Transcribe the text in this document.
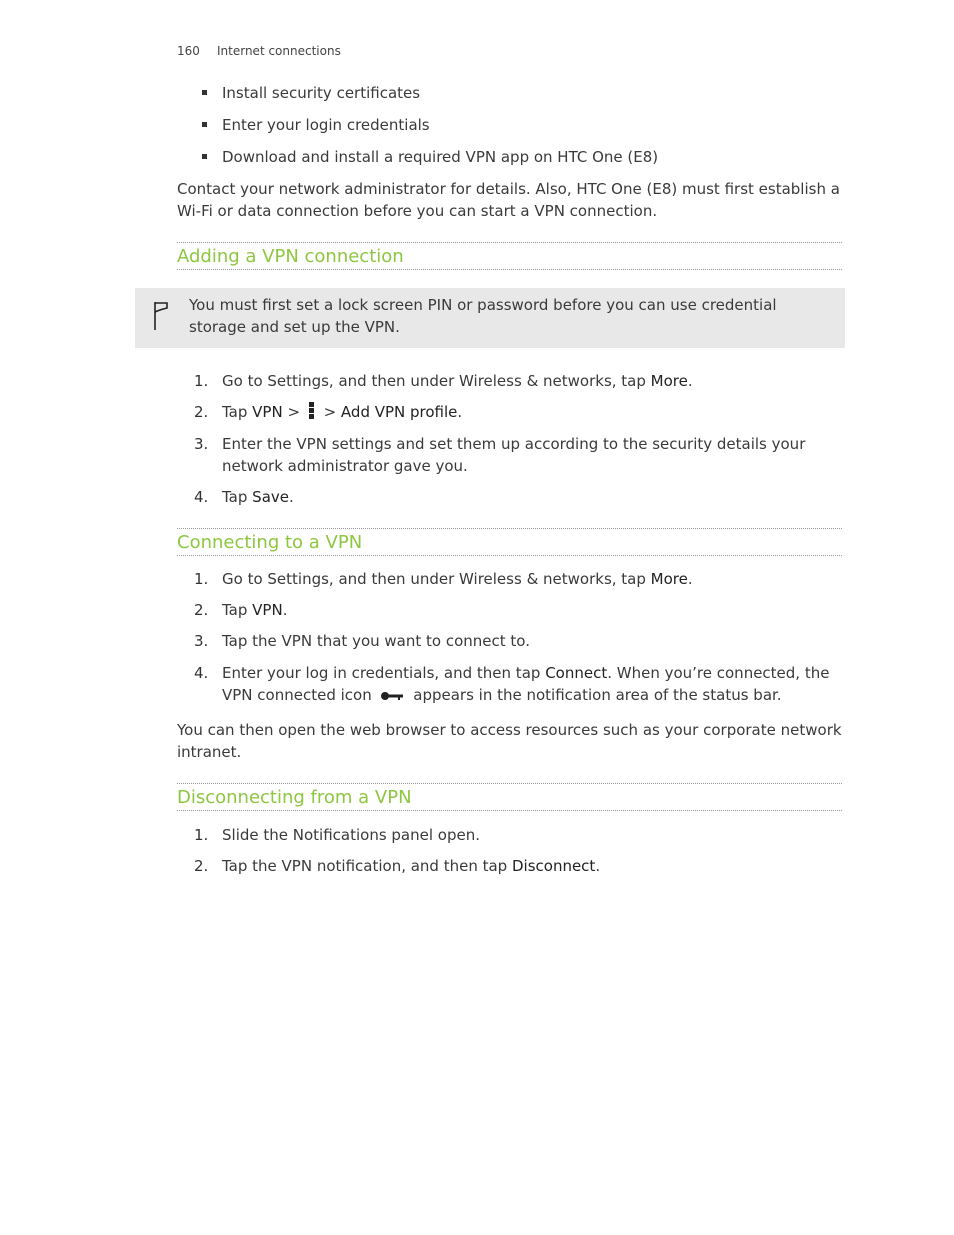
160 Internet connections
Install security certificates
Enter your login credentials
Download and install a required VPN app on HTC One (E8)

Contact your network administrator for details. Also, HTC One (E8) must first establish a Wi-Fi or data connection before you can start a VPN connection.

Adding a VPN connection
You must first set a lock screen PIN or password before you can use credential storage and set up the VPN.
1. Go to Settings, and then under Wireless & networks, tap More.
2. Tap VPN >
> Add VPN profile.
3. Enter the VPN settings and set them up according to the security details your network administrator gave you.
4. Tap Save.
Connecting to a VPN
1. Go to Settings, and then under Wireless & networks, tap More.
2. Tap VPN.
3. Tap the VPN that you want to connect to.
4. Enter your log in credentials, and then tap Connect. When you’re connected, the VPN connected icon  appears in the notification area of the status bar.

You can then open the web browser to access resources such as your corporate network intranet.

Disconnecting from a VPN
1. Slide the Notifications panel open.
2. Tap the VPN notification, and then tap Disconnect.
